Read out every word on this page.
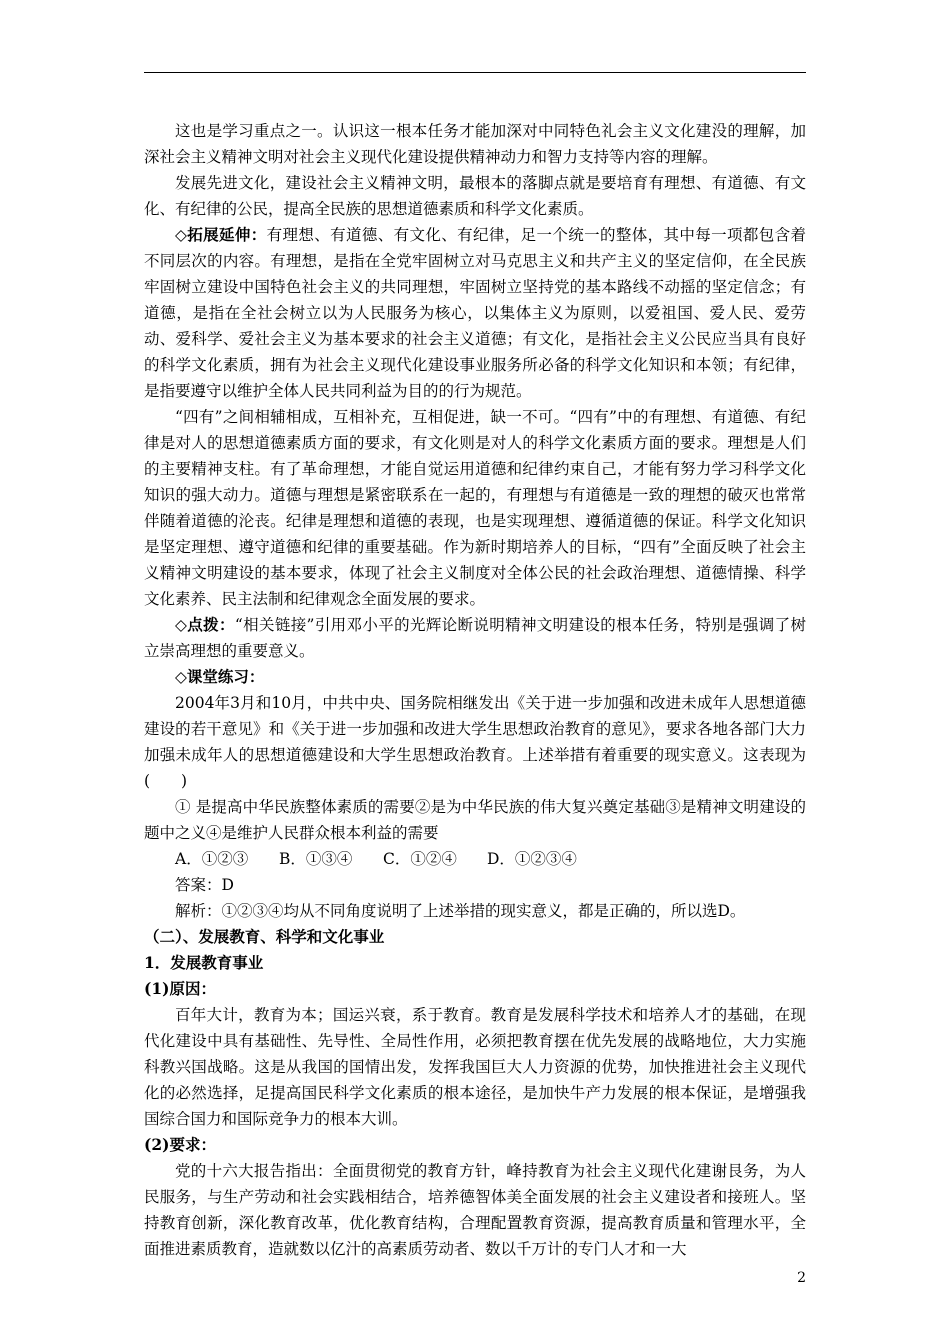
这也是学习重点之一。认识这一根本任务才能加深对中同特色礼会主义文化建没的理解，加深社会主义精神文明对社会主义现代化建设提供精神动力和智力支持等内容的理解。

发展先进文化，建设社会主义精神文明，最根本的落脚点就是要培育有理想、有道德、有文化、有纪律的公民，提高全民族的思想道德素质和科学文化素质。

◇拓展延伸：有理想、有道德、有文化、有纪律，足一个统一的整体，其中每一项都包含着不同层次的内容。有理想，是指在全党牢固树立对马克思主义和共产主义的坚定信仰，在全民族牢固树立建设中国特色社会主义的共同理想，牢固树立坚持党的基本路线不动摇的坚定信念；有道德，是指在全社会树立以为人民服务为核心，以集体主义为原则，以爱祖国、爱人民、爱劳动、爱科学、爱社会主义为基本要求的社会主义道德；有文化，是指社会主义公民应当具有良好的科学文化素质，拥有为社会主义现代化建设事业服务所必备的科学文化知识和本领；有纪律，是指要遵守以维护全体人民共同利益为目的的行为规范。

“四有”之间相辅相成，互相补充，互相促进，缺一不可。“四有”中的有理想、有道德、有纪律是对人的思想道德素质方面的要求，有文化则是对人的科学文化素质方面的要求。理想是人们的主要精神支柱。有了革命理想，才能自觉运用道德和纪律约束自己，才能有努力学习科学文化知识的强大动力。道德与理想是紧密联系在一起的，有理想与有道德是一致的理想的破灭也常常伴随着道德的沦丧。纪律是理想和道德的表现，也是实现理想、遵循道德的保证。科学文化知识是坚定理想、遵守道德和纪律的重要基础。作为新时期培养人的目标，“四有”全面反映了社会主义精神文明建设的基本要求，体现了社会主义制度对全体公民的社会政治理想、道德情操、科学文化素养、民主法制和纪律观念全面发展的要求。

◇点拨：“相关链接”引用邓小平的光辉论断说明精神文明建设的根本任务，特别是强调了树立崇高理想的重要意义。

◇课堂练习：

2004年3月和10月，中共中央、国务院相继发出《关于进一步加强和改进未成年人思想道德建设的若干意见》和《关于进一步加强和改进大学生思想政治教育的意见》，要求各地各部门大力加强未成年人的思想道德建设和大学生思想政治教育。上述举措有着重要的现实意义。这表现为(　　)

① 是提高中华民族整体素质的需要②是为中华民族的伟大复兴奠定基础③是精神文明建设的题中之义④是维护人民群众根本利益的需要

A．①②③ B．①③④ C．①②④ D．①②③④

答案：D

解析：①②③④均从不同角度说明了上述举措的现实意义，都是正确的，所以选D。

（二）、发展教育、科学和文化事业

1．发展教育事业

(1)原因：

百年大计，教育为本；国运兴衰，系于教育。教育是发展科学技术和培养人才的基础，在现代化建设中具有基础性、先导性、全局性作用，必须把教育摆在优先发展的战略地位，大力实施科教兴国战略。这是从我国的国情出发，发挥我国巨大人力资源的优势，加快推进社会主义现代化的必然选择，足提高国民科学文化素质的根本途径，是加快牛产力发展的根本保证，是增强我国综合国力和国际竞争力的根本大训。

(2)要求：

党的十六大报告指出：全面贯彻党的教育方针，峰持教育为社会主义现代化建谢艮务，为人民服务，与生产劳动和社会实践相结合，培养德智体美全面发展的社会主义建设者和接班人。坚持教育创新，深化教育改革，优化教育结构，合理配置教育资源，提高教育质量和管理水平，全面推进素质教育，造就数以亿汁的高素质劳动者、数以千万计的专门人才和一大

2
